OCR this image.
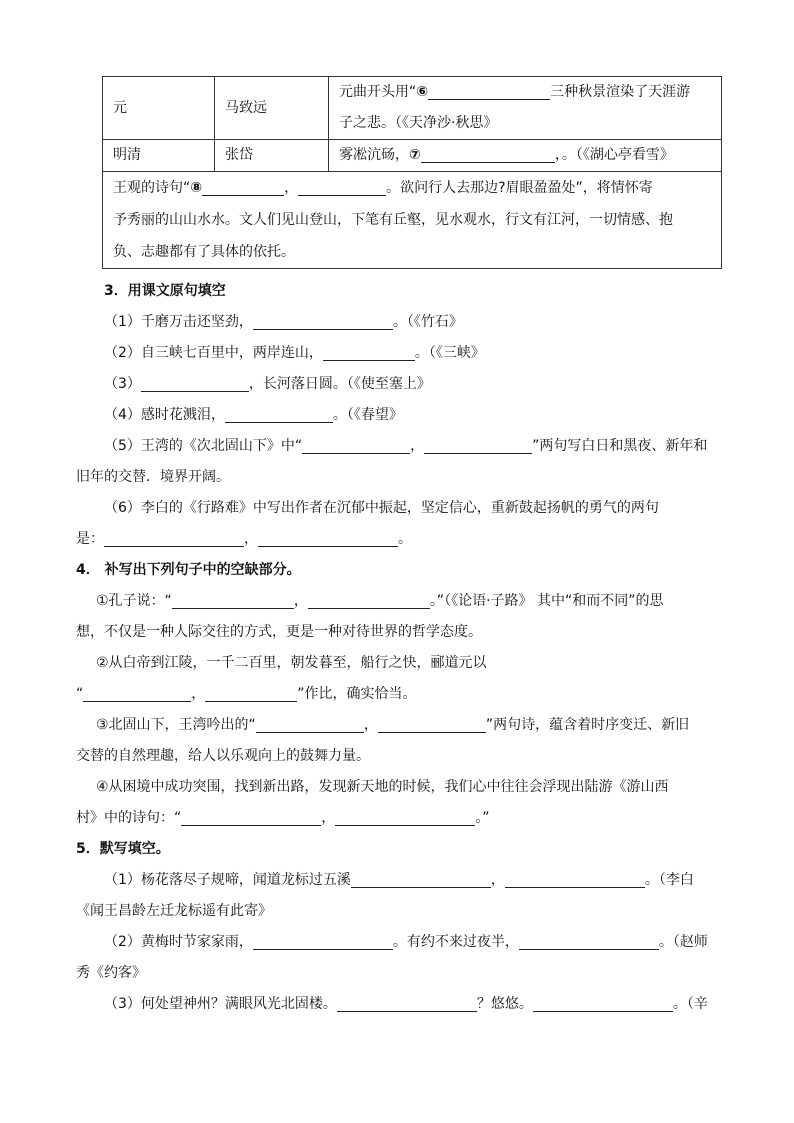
元	马致远	元曲开头用“⑥ 三种秋景渲染了天涯游
子之悲。（《天净沙·秋思》
明清	张岱	雾凇沆砀，⑦ ，。（《湖心亭看雪》
王观的诗句“⑧ ， 。欲问行人去那边?眉眼盈盈处”，将情怀寄
予秀丽的山山水水。文人们见山登山，下笔有丘壑，见水观水，行文有江河，一切情感、抱
负、志趣都有了具体的依托。		
3．用课文原句填空
（1）千磨万击还坚劲，	。（《竹石》
（2）自三峡七百里中，两岸连山，	。（《三峡》
（3）	，长河落日圆。（《使至塞上》
（4）感时花溅泪，	。（《春望》
（5）王湾的《次北固山下》中“	，	”两句写白日和黑夜、新年和
旧年的交替．境界开阔。
（6）李白的《行路难》中写出作者在沉郁中振起，坚定信心，重新鼓起扬帆的勇气的两句
是：	，	。
4． 补写出下列句子中的空缺部分。
①孔子说：“	，	。”（《论语·子路》 其中“和而不同”的思
想，不仅是一种人际交往的方式，更是一种对待世界的哲学态度。
②从白帝到江陵，一千二百里，朝发暮至，船行之快，郦道元以
“	，	”作比，确实恰当。
③北固山下，王湾吟出的“	，	”两句诗，蕴含着时序变迁、新旧
交替的自然理趣，给人以乐观向上的鼓舞力量。
④从困境中成功突围，找到新出路，发现新天地的时候，我们心中往往会浮现出陆游《游山西
村》中的诗句：“	，	。”
5．默写填空。
（1）杨花落尽子规啼，闻道龙标过五溪	，	。（李白
《闻王昌龄左迁龙标遥有此寄》
（2）黄梅时节家家雨，	。有约不来过夜半，	。（赵师
秀《约客》
（3）何处望神州？满眼风光北固楼。	？悠悠。	。（辛
